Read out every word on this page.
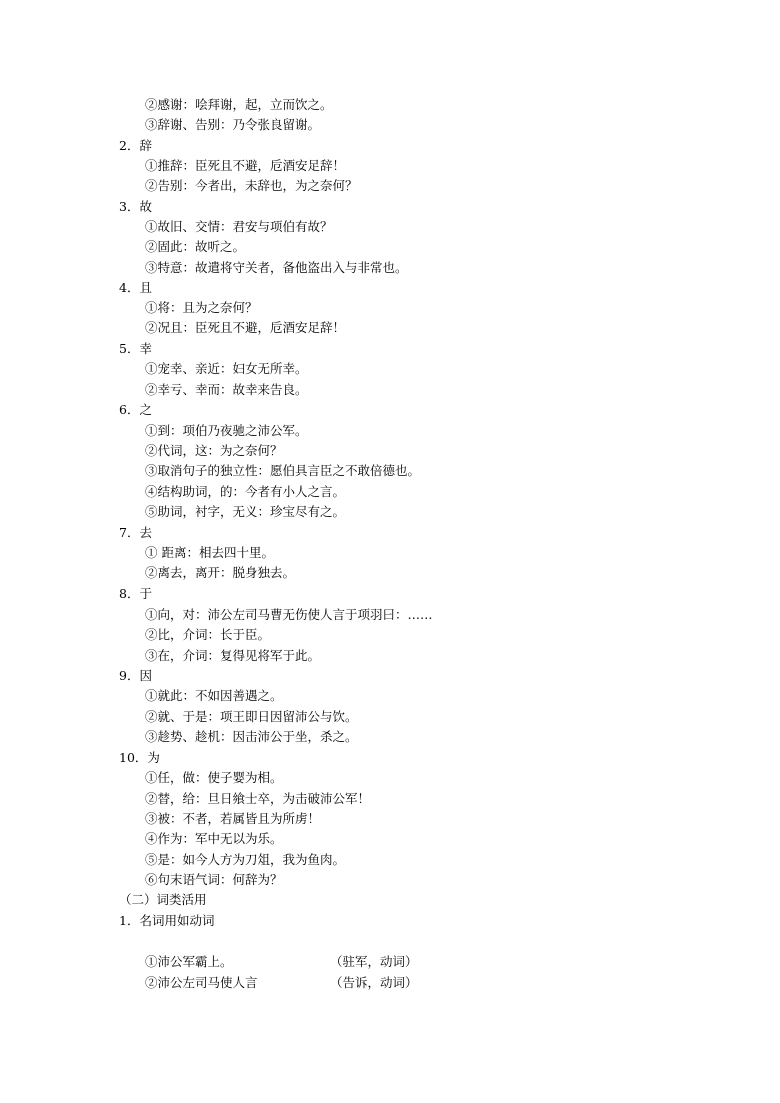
②感谢：哙拜谢，起，立而饮之。
③辞谢、告别：乃令张良留谢。
2．辞
①推辞：臣死且不避，卮酒安足辞！
②告别：今者出，未辞也，为之奈何？
3．故
①故旧、交情：君安与项伯有故？
②固此：故听之。
③特意：故遣将守关者，备他盗出入与非常也。
4．且
①将：且为之奈何？
②况且：臣死且不避，卮酒安足辞！
5．幸
①宠幸、亲近：妇女无所幸。
②幸亏、幸而：故幸来告良。
6．之
①到：项伯乃夜驰之沛公军。
②代词，这：为之奈何？
③取消句子的独立性：愿伯具言臣之不敢倍德也。
④结构助词，的：今者有小人之言。
⑤助词，衬字，无义：珍宝尽有之。
7．去
① 距离：相去四十里。
②离去，离开：脱身独去。
8．于
①向，对：沛公左司马曹无伤使人言于项羽曰：……
②比，介词：长于臣。
③在，介词：复得见将军于此。
9．因
①就此：不如因善遇之。
②就、于是：项王即日因留沛公与饮。
③趁势、趁机：因击沛公于坐，杀之。
10．为
①任，做：使子婴为相。
②替，给：旦日飨士卒，为击破沛公军！
③被：不者，若属皆且为所虏！
④作为：军中无以为乐。
⑤是：如今人方为刀俎，我为鱼肉。
⑥句末语气词：何辞为？
（二）词类活用
1．名词用如动词
①沛公军霸上。	（驻军，动词）
②沛公左司马使人言	（告诉，动词）
